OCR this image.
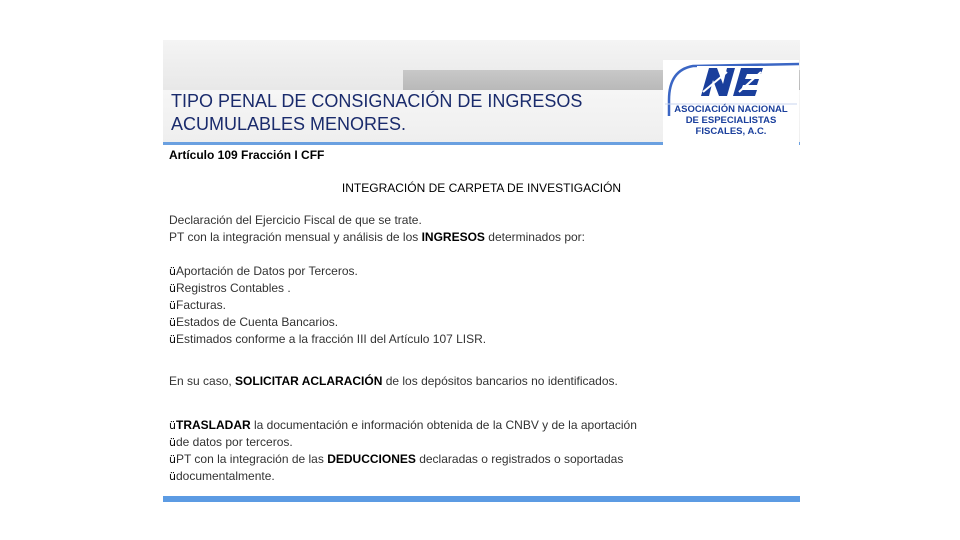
TIPO PENAL DE CONSIGNACIÓN DE INGRESOS ACUMULABLES MENORES.
ASOCIACIÓN NACIONAL
DE ESPECIALISTAS
FISCALES, A.C.
Artículo 109 Fracción I CFF
INTEGRACIÓN DE CARPETA DE INVESTIGACIÓN
Declaración del Ejercicio Fiscal de que se trate.
PT con la integración mensual y análisis de los INGRESOS determinados por:
üAportación de Datos por Terceros.
üRegistros Contables .
üFacturas.
üEstados de Cuenta Bancarios.
üEstimados conforme a la fracción III del Artículo 107 LISR.
En su caso, SOLICITAR ACLARACIÓN de los depósitos bancarios no identificados.
üTRASLADAR la documentación e información obtenida de la CNBV y de la aportación
üde datos por terceros.
üPT con la integración de las DEDUCCIONES declaradas o registrados o soportadas
üdocumentalmente.
